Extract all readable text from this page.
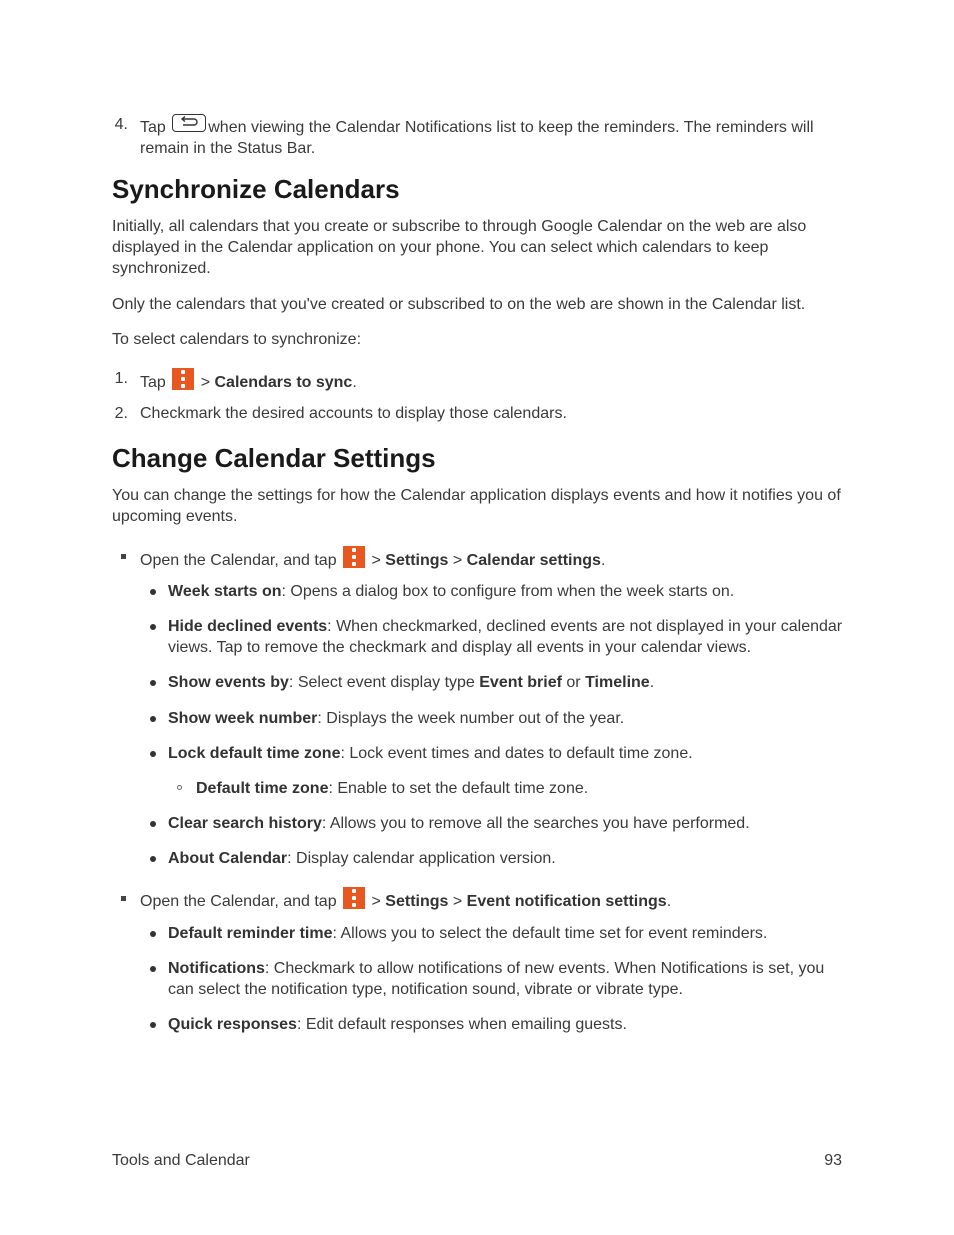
4. Tap	when viewing the Calendar Notifications list to keep the reminders. The reminders will remain in the Status Bar.
Synchronize Calendars

Initially, all calendars that you create or subscribe to through Google Calendar on the web are also displayed in the Calendar application on your phone. You can select which calendars to keep synchronized.

Only the calendars that you've created or subscribed to on the web are shown in the Calendar list.

To select calendars to synchronize:

1. Tap > Calendars to sync.
2. Checkmark the desired accounts to display those calendars.
Change Calendar Settings

You can change the settings for how the Calendar application displays events and how it notifies you of upcoming events.

Open the Calendar, and tap > Settings > Calendar settings.
Week starts on: Opens a dialog box to configure from when the week starts on.
Hide declined events: When checkmarked, declined events are not displayed in your calendar views. Tap to remove the checkmark and display all events in your calendar views.
Show events by: Select event display type Event brief or Timeline.
Show week number: Displays the week number out of the year.
Lock default time zone: Lock event times and dates to default time zone.
Default time zone: Enable to set the default time zone.
Clear search history: Allows you to remove all the searches you have performed.
About Calendar: Display calendar application version.
Open the Calendar, and tap > Settings > Event notification settings.
Default reminder time: Allows you to select the default time set for event reminders.
Notifications: Checkmark to allow notifications of new events. When Notifications is set, you can select the notification type, notification sound, vibrate or vibrate type.
Quick responses: Edit default responses when emailing guests.
Tools and Calendar	93
